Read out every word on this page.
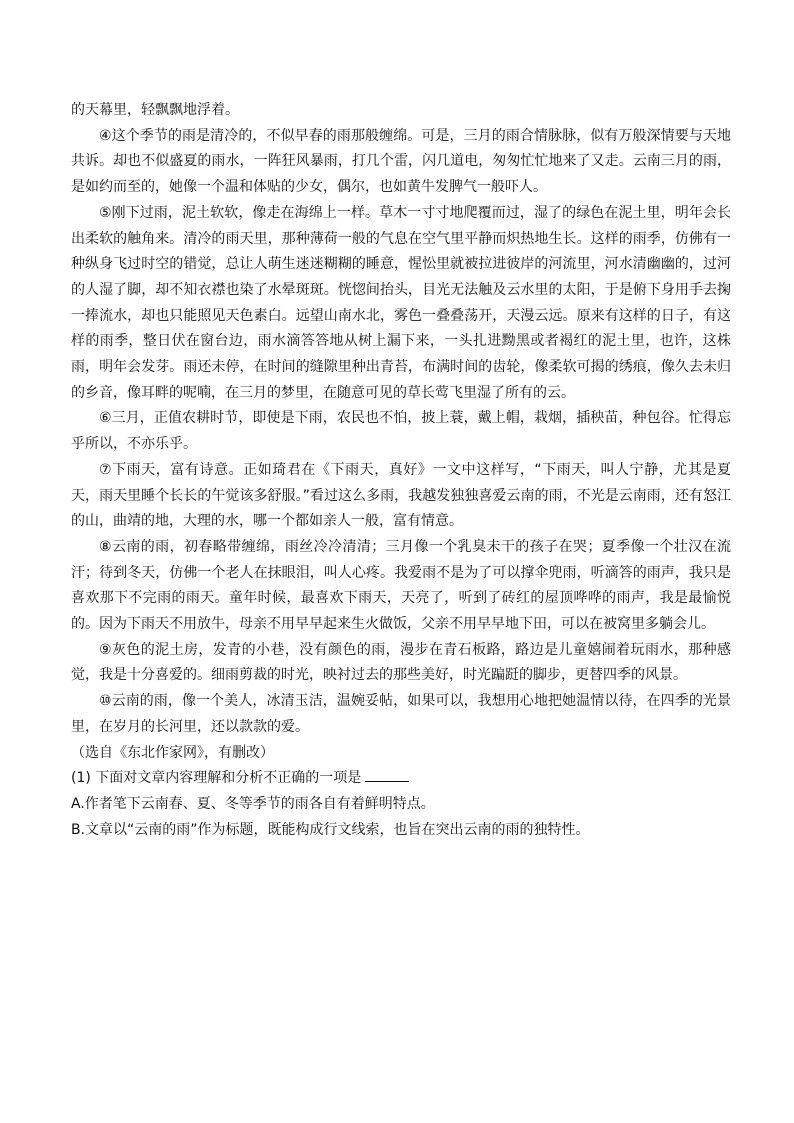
的天幕里，轻飘飘地浮着。

④这个季节的雨是清冷的，不似早春的雨那般缠绵。可是，三月的雨合情脉脉，似有万般深情要与天地共诉。却也不似盛夏的雨水，一阵狂风暴雨，打几个雷，闪几道电，匆匆忙忙地来了又走。云南三月的雨，是如约而至的，她像一个温和体贴的少女，偶尔，也如黄牛发脾气一般吓人。

⑤刚下过雨，泥土软软，像走在海绵上一样。草木一寸寸地爬覆而过，湿了的绿色在泥土里，明年会长出柔软的触角来。清冷的雨天里，那种薄荷一般的气息在空气里平静而炽热地生长。这样的雨季，仿佛有一种纵身飞过时空的错觉，总让人萌生迷迷糊糊的睡意，惺忪里就被拉进彼岸的河流里，河水清幽幽的，过河的人湿了脚，却不知衣襟也染了水晕斑斑。恍惚间抬头，目光无法触及云水里的太阳，于是俯下身用手去掬一捧流水，却也只能照见天色素白。远望山南水北，雾色一叠叠荡开，天漫云远。原来有这样的日子，有这样的雨季，整日伏在窗台边，雨水滴答答地从树上漏下来，一头扎进黝黑或者褐红的泥土里，也许，这株雨，明年会发芽。雨还未停，在时间的缝隙里种出青苔，布满时间的齿轮，像柔软可揭的绣痕，像久去未归的乡音，像耳畔的呢喃，在三月的梦里，在随意可见的草长莺飞里湿了所有的云。

⑥三月，正值农耕时节，即使是下雨，农民也不怕，披上蓑，戴上帽，栽烟，插秧苗，种包谷。忙得忘乎所以，不亦乐乎。

⑦下雨天，富有诗意。正如琦君在《下雨天，真好》一文中这样写，“下雨天，叫人宁静，尤其是夏天，雨天里睡个长长的午觉该多舒服。”看过这么多雨，我越发独独喜爱云南的雨，不光是云南雨，还有怒江的山，曲靖的地，大理的水，哪一个都如亲人一般，富有情意。

⑧云南的雨，初春略带缠绵，雨丝冷冷清清；三月像一个乳臭未干的孩子在哭；夏季像一个壮汉在流汗；待到冬天，仿佛一个老人在抹眼泪，叫人心疼。我爱雨不是为了可以撑伞兜雨，听滴答的雨声，我只是喜欢那下不完雨的雨天。童年时候，最喜欢下雨天，天亮了，听到了砖红的屋顶哗哗的雨声，我是最愉悦的。因为下雨天不用放牛，母亲不用早早起来生火做饭，父亲不用早早地下田，可以在被窝里多躺会儿。

⑨灰色的泥土房，发青的小巷，没有颜色的雨，漫步在青石板路，路边是儿童嬉闹着玩雨水，那种感觉，我是十分喜爱的。细雨剪裁的时光，映衬过去的那些美好，时光蹁跹的脚步，更替四季的风景。

⑩云南的雨，像一个美人，冰清玉洁，温婉妥帖，如果可以，我想用心地把她温情以待，在四季的光景里，在岁月的长河里，还以款款的爱。

（选自《东北作家网》，有删改）

(1) 下面对文章内容理解和分析不正确的一项是

A.作者笔下云南春、夏、冬等季节的雨各自有着鲜明特点。

B.文章以“云南的雨”作为标题，既能构成行文线索，也旨在突出云南的雨的独特性。
